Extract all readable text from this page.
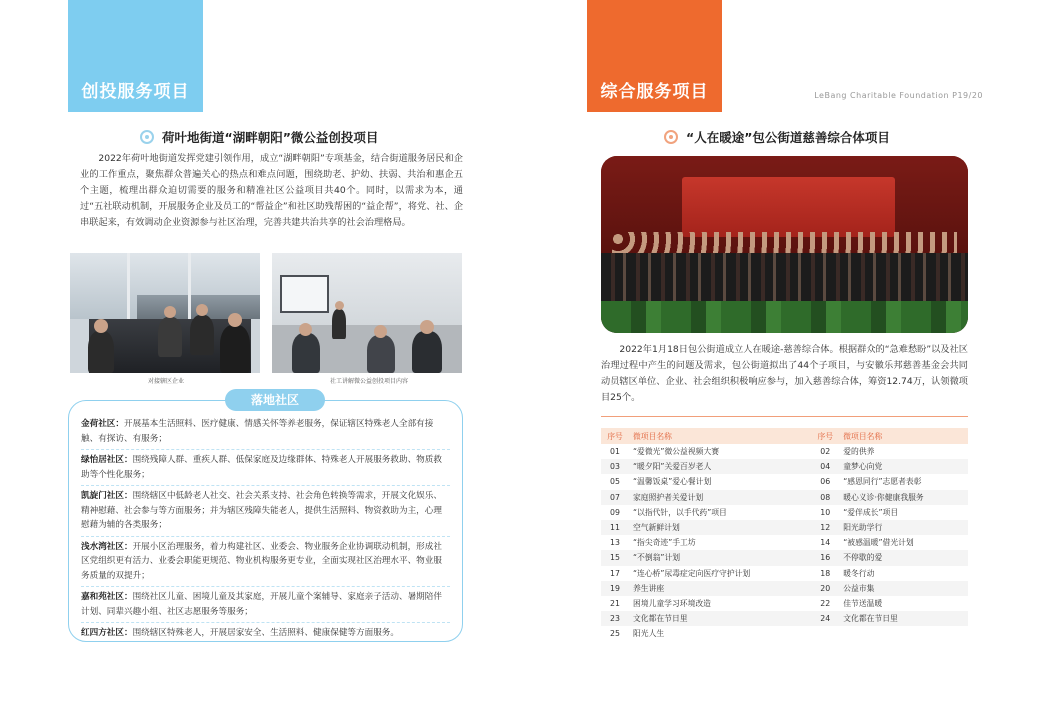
创投服务项目
荷叶地街道“湖畔朝阳”微公益创投项目
2022年荷叶地街道发挥党建引领作用，成立“湖畔朝阳”专项基金，结合街道服务居民和企业的工作重点，聚焦群众普遍关心的热点和难点问题，围绕助老、护幼、扶弱、共治和惠企五个主题，梳理出群众迫切需要的服务和精准社区公益项目共40个。同时，以需求为本，通过“五社联动机制，开展服务企业及员工的“帮益企”和社区助残帮困的“益企帮”，将党、社、企串联起来，有效调动企业资源参与社区治理，完善共建共治共享的社会治理格局。
对接辖区企业	社工讲解微公益创投项目内容
金荷社区：开展基本生活照料、医疗健康、情感关怀等养老服务，保证辖区特殊老人全部有接触、有探访、有服务；
绿怡居社区：围绕残障人群、重疾人群、低保家庭及边缘群体、特殊老人开展服务救助、物质救助等个性化服务；
凯旋门社区：围绕辖区中低龄老人社交、社会关系支持、社会角色转换等需求，开展文化娱乐、精神慰藉、社会参与等方面服务；并为辖区残障失能老人，提供生活照料、物资救助为主，心理慰藉为辅的各类服务；
浅水湾社区：开展小区治理服务，着力构建社区、业委会、物业服务企业协调联动机制，形成社区党组织更有活力、业委会职能更规范、物业机构服务更专业，全面实现社区治理水平、物业服务质量的双提升；
嘉和苑社区：围绕社区儿童、困境儿童及其家庭，开展儿童个案辅导、家庭亲子活动、暑期陪伴计划、同辈兴趣小组、社区志愿服务等服务；
红四方社区：围绕辖区特殊老人，开展居家安全、生活照料、健康保健等方面服务。
落地社区
综合服务项目	LeBang Charitable Foundation P19/20
“人在暖途”包公街道慈善综合体项目
2022年1月18日包公街道成立人在暖途-慈善综合体。根据群众的“急难愁盼”以及社区治理过程中产生的问题及需求，包公街道拟出了44个子项目，与安徽乐邦慈善基金会共同动员辖区单位、企业、社会组织积极响应参与，加入慈善综合体，筹资12.74万，认领微项目25个。
序号	微项目名称	序号	微项目名称
01	“爱微光”微公益视频大赛	02	爱的供养
03	“暖夕阳”关爱百岁老人	04	童梦心向党
05	“温馨饭桌”爱心餐计划	06	“感恩同行”志愿者表彰
07	家庭照护者关爱计划	08	暖心义诊·你健康我服务
09	“以指代针，以手代药”项目	10	“爱伴成长”项目
11	空气新鲜计划	12	阳光助学行
13	“指尖奇迹”手工坊	14	“被感温暖”借光计划
15	“不倒翁”计划	16	不停歇的爱
17	“连心桥”尿毒症定向医疗守护计划	18	暖冬行动
19	养生讲座	20	公益市集
21	困境儿童学习环境改造	22	佳节送温暖
23	文化都在节日里	24	文化都在节日里
25	阳光人生		
